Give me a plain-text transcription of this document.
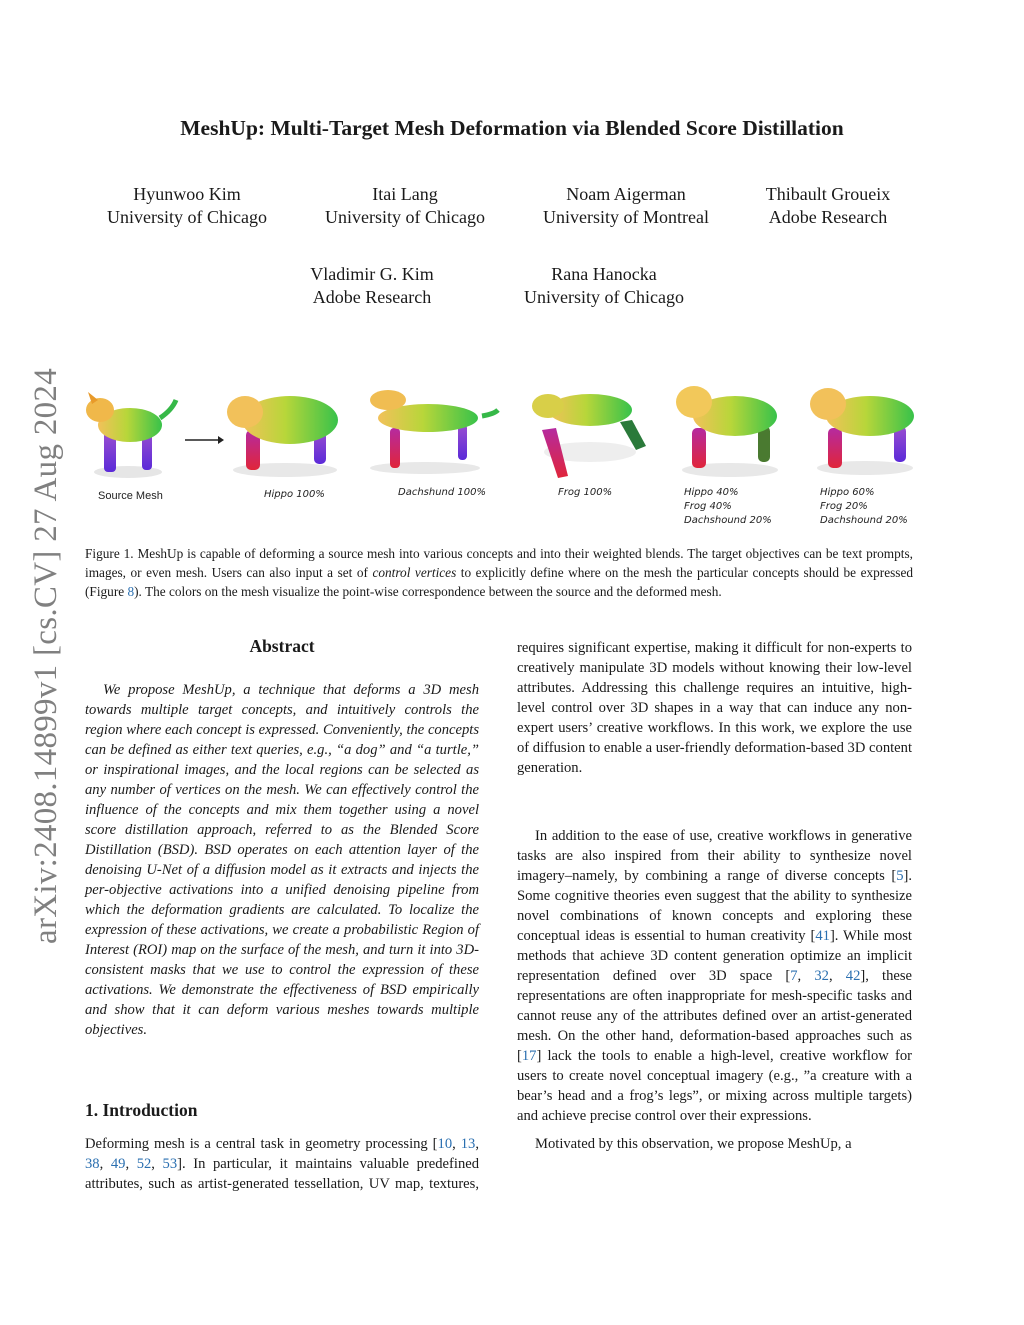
MeshUp: Multi-Target Mesh Deformation via Blended Score Distillation
Hyunwoo Kim
University of Chicago
Itai Lang
University of Chicago
Noam Aigerman
University of Montreal
Thibault Groueix
Adobe Research
Vladimir G. Kim
Adobe Research
Rana Hanocka
University of Chicago
arXiv:2408.14899v1 [cs.CV] 27 Aug 2024	Source Mesh	Hippo 100%	Dachshund 100%	Frog 100%	Hippo 40%
Frog 40%
Dachshound 20%
Hippo 60%
Frog 20%
Dachshound 20%
Figure 1. MeshUp is capable of deforming a source mesh into various concepts and into their weighted blends. The target objectives can be text prompts, images, or even mesh. Users can also input a set of control vertices to explicitly define where on the mesh the particular concepts should be expressed (Figure 8). The colors on the mesh visualize the point-wise correspondence between the source and the deformed mesh.
Abstract

We propose MeshUp, a technique that deforms a 3D mesh towards multiple target concepts, and intuitively controls the region where each concept is expressed. Conveniently, the concepts can be defined as either text queries, e.g., “a dog” and “a turtle,” or inspirational images, and the local regions can be selected as any number of vertices on the mesh. We can effectively control the influence of the concepts and mix them together using a novel score distillation approach, referred to as the Blended Score Distillation (BSD). BSD operates on each attention layer of the denoising U-Net of a diffusion model as it extracts and injects the per-objective activations into a unified denoising pipeline from which the deformation gradients are calculated. To localize the expression of these activations, we create a probabilistic Region of Interest (ROI) map on the surface of the mesh, and turn it into 3D-consistent masks that we use to control the expression of these activations. We demonstrate the effectiveness of BSD empirically and show that it can deform various meshes towards multiple objectives.

1. Introduction

Deforming mesh is a central task in geometry processing [10, 13, 38, 49, 52, 53]. In particular, it maintains valuable predefined attributes, such as artist-generated tessellation, UV map, textures,

requires significant expertise, making it difficult for non-experts to creatively manipulate 3D models without knowing their low-level attributes. Addressing this challenge requires an intuitive, high-level control over 3D shapes in a way that can induce any non-expert users’ creative workflows. In this work, we explore the use of diffusion to enable a user-friendly deformation-based 3D content generation.

In addition to the ease of use, creative workflows in generative tasks are also inspired from their ability to synthesize novel imagery–namely, by combining a range of diverse concepts [5]. Some cognitive theories even suggest that the ability to synthesize novel combinations of known concepts and exploring these conceptual ideas is essential to human creativity [41]. While most methods that achieve 3D content generation optimize an implicit representation defined over 3D space [7, 32, 42], these representations are often inappropriate for mesh-specific tasks and cannot reuse any of the attributes defined over an artist-generated mesh. On the other hand, deformation-based approaches such as [17] lack the tools to enable a high-level, creative workflow for users to create novel conceptual imagery (e.g., ”a creature with a bear’s head and a frog’s legs”, or mixing across multiple targets) and achieve precise control over their expressions.

Motivated by this observation, we propose MeshUp, a
